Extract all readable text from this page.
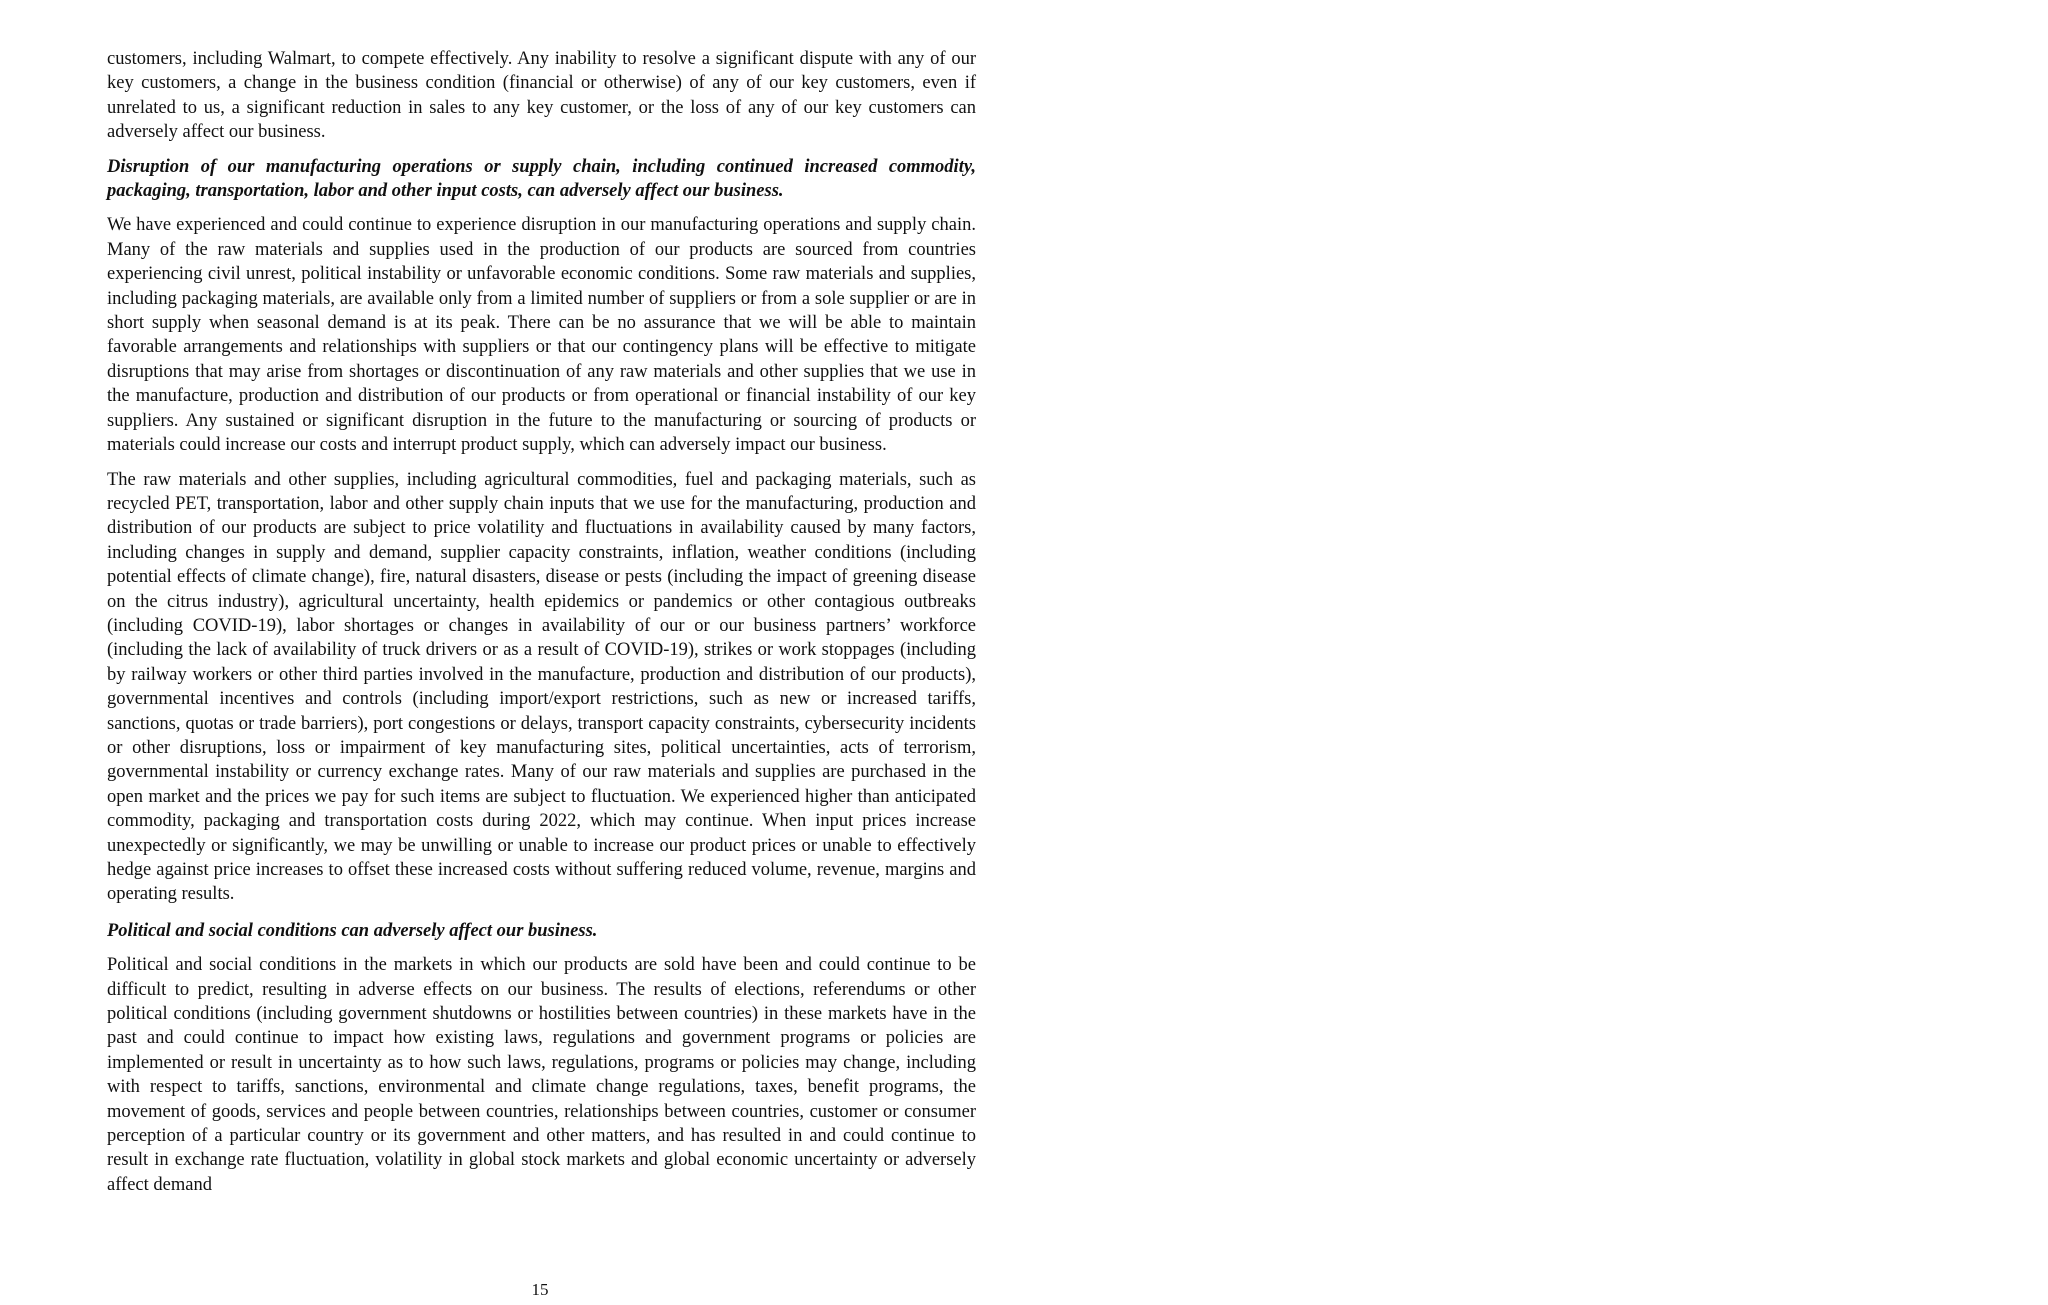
customers, including Walmart, to compete effectively. Any inability to resolve a significant dispute with any of our key customers, a change in the business condition (financial or otherwise) of any of our key customers, even if unrelated to us, a significant reduction in sales to any key customer, or the loss of any of our key customers can adversely affect our business.

Disruption of our manufacturing operations or supply chain, including continued increased commodity, packaging, transportation, labor and other input costs, can adversely affect our business.

We have experienced and could continue to experience disruption in our manufacturing operations and supply chain. Many of the raw materials and supplies used in the production of our products are sourced from countries experiencing civil unrest, political instability or unfavorable economic conditions. Some raw materials and supplies, including packaging materials, are available only from a limited number of suppliers or from a sole supplier or are in short supply when seasonal demand is at its peak. There can be no assurance that we will be able to maintain favorable arrangements and relationships with suppliers or that our contingency plans will be effective to mitigate disruptions that may arise from shortages or discontinuation of any raw materials and other supplies that we use in the manufacture, production and distribution of our products or from operational or financial instability of our key suppliers. Any sustained or significant disruption in the future to the manufacturing or sourcing of products or materials could increase our costs and interrupt product supply, which can adversely impact our business.

The raw materials and other supplies, including agricultural commodities, fuel and packaging materials, such as recycled PET, transportation, labor and other supply chain inputs that we use for the manufacturing, production and distribution of our products are subject to price volatility and fluctuations in availability caused by many factors, including changes in supply and demand, supplier capacity constraints, inflation, weather conditions (including potential effects of climate change), fire, natural disasters, disease or pests (including the impact of greening disease on the citrus industry), agricultural uncertainty, health epidemics or pandemics or other contagious outbreaks (including COVID-19), labor shortages or changes in availability of our or our business partners’ workforce (including the lack of availability of truck drivers or as a result of COVID-19), strikes or work stoppages (including by railway workers or other third parties involved in the manufacture, production and distribution of our products), governmental incentives and controls (including import/export restrictions, such as new or increased tariffs, sanctions, quotas or trade barriers), port congestions or delays, transport capacity constraints, cybersecurity incidents or other disruptions, loss or impairment of key manufacturing sites, political uncertainties, acts of terrorism, governmental instability or currency exchange rates. Many of our raw materials and supplies are purchased in the open market and the prices we pay for such items are subject to fluctuation. We experienced higher than anticipated commodity, packaging and transportation costs during 2022, which may continue. When input prices increase unexpectedly or significantly, we may be unwilling or unable to increase our product prices or unable to effectively hedge against price increases to offset these increased costs without suffering reduced volume, revenue, margins and operating results.

Political and social conditions can adversely affect our business.

Political and social conditions in the markets in which our products are sold have been and could continue to be difficult to predict, resulting in adverse effects on our business. The results of elections, referendums or other political conditions (including government shutdowns or hostilities between countries) in these markets have in the past and could continue to impact how existing laws, regulations and government programs or policies are implemented or result in uncertainty as to how such laws, regulations, programs or policies may change, including with respect to tariffs, sanctions, environmental and climate change regulations, taxes, benefit programs, the movement of goods, services and people between countries, relationships between countries, customer or consumer perception of a particular country or its government and other matters, and has resulted in and could continue to result in exchange rate fluctuation, volatility in global stock markets and global economic uncertainty or adversely affect demand

15
